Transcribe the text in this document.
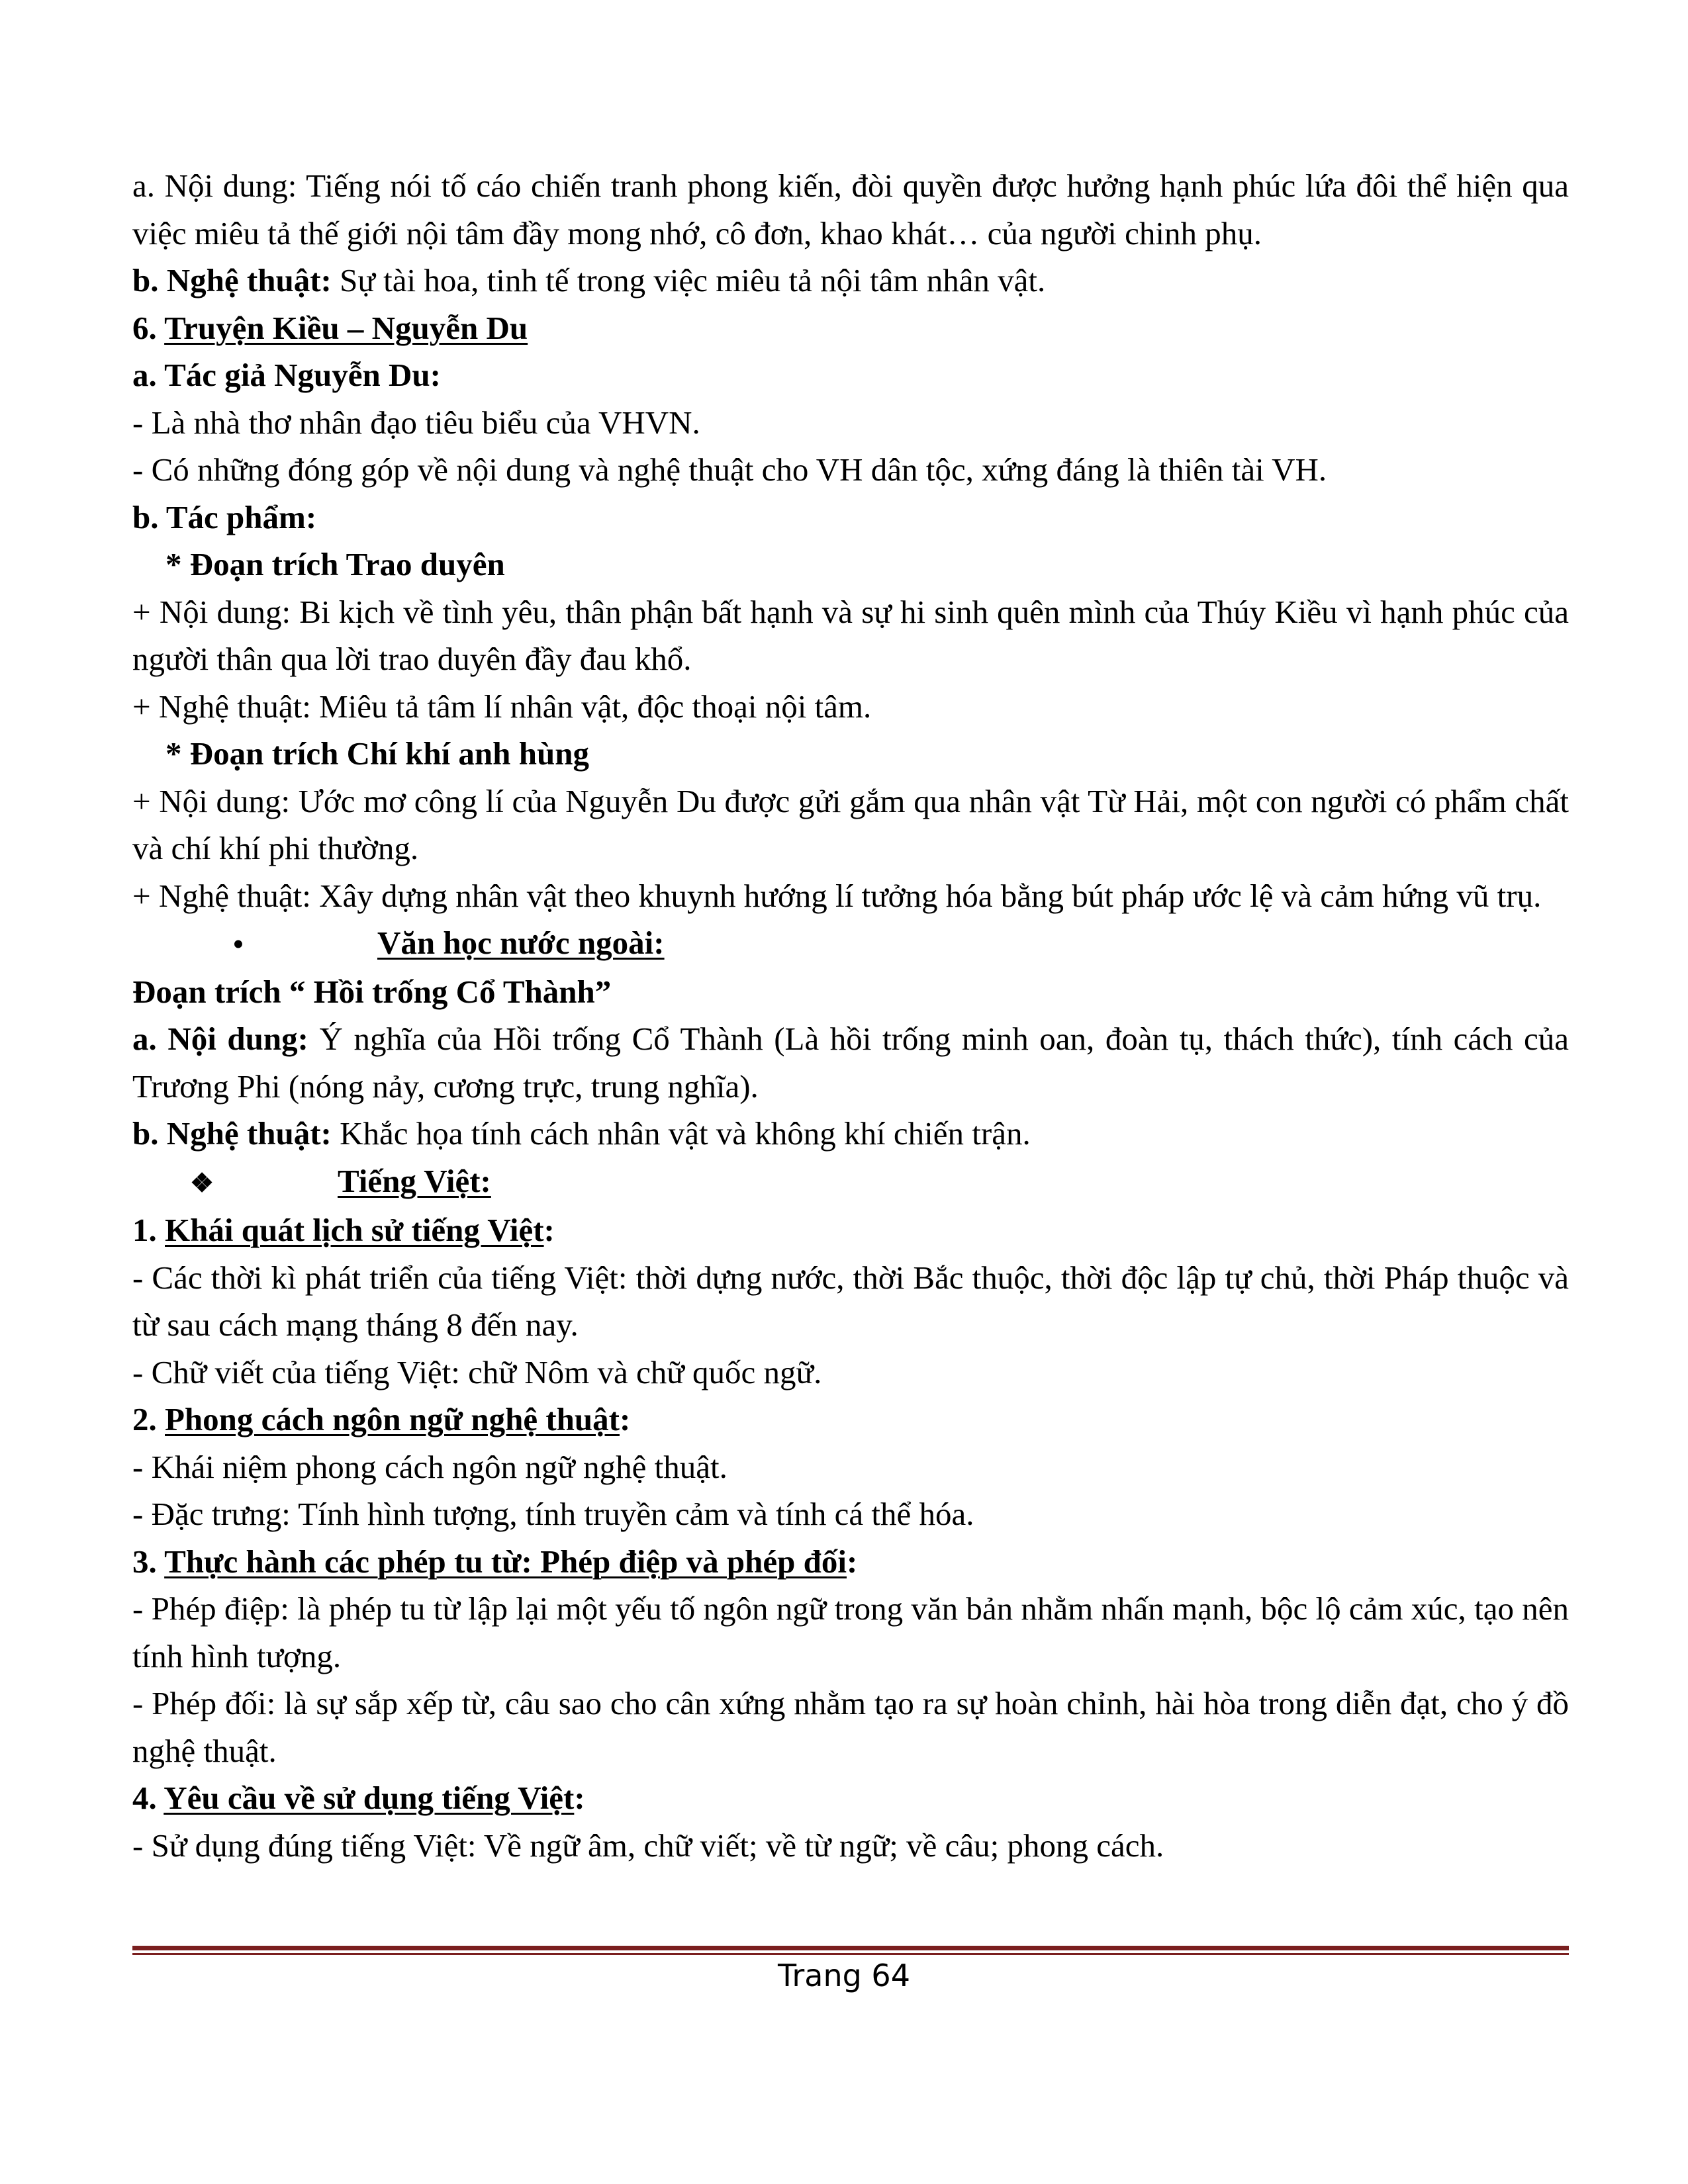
a. Nội dung: Tiếng nói tố cáo chiến tranh phong kiến, đòi quyền được hưởng hạnh phúc lứa đôi thể hiện qua việc miêu tả thế giới nội tâm đầy mong nhớ, cô đơn, khao khát… của người chinh phụ.

b. Nghệ thuật: Sự tài hoa, tinh tế trong việc miêu tả nội tâm nhân vật.

6. Truyện Kiều – Nguyễn Du

a. Tác giả Nguyễn Du:

- Là nhà thơ nhân đạo tiêu biểu của VHVN.

- Có những đóng góp về nội dung và nghệ thuật cho VH dân tộc, xứng đáng là thiên tài VH.

b. Tác phẩm:

* Đoạn trích Trao duyên

+ Nội dung: Bi kịch về tình yêu, thân phận bất hạnh và sự hi sinh quên mình của Thúy Kiều vì hạnh phúc của người thân qua lời trao duyên đầy đau khổ.

+ Nghệ thuật: Miêu tả tâm lí nhân vật, độc thoại nội tâm.

* Đoạn trích Chí khí anh hùng

+ Nội dung: Ước mơ công lí của Nguyễn Du được gửi gắm qua nhân vật Từ Hải, một con người có phẩm chất và chí khí phi thường.

+ Nghệ thuật: Xây dựng nhân vật theo khuynh hướng lí tưởng hóa bằng bút pháp ước lệ và cảm hứng vũ trụ.

•	Văn học nước ngoài:

Đoạn trích “ Hồi trống Cổ Thành”

a. Nội dung: Ý nghĩa của Hồi trống Cổ Thành (Là hồi trống minh oan, đoàn tụ, thách thức), tính cách của Trương Phi (nóng nảy, cương trực, trung nghĩa).

b. Nghệ thuật: Khắc họa tính cách nhân vật và không khí chiến trận.

❖	Tiếng Việt:

1. Khái quát lịch sử tiếng Việt:

- Các thời kì phát triển của tiếng Việt: thời dựng nước, thời Bắc thuộc, thời độc lập tự chủ, thời Pháp thuộc và từ sau cách mạng tháng 8 đến nay.

- Chữ viết của tiếng Việt: chữ Nôm và chữ quốc ngữ.

2. Phong cách ngôn ngữ nghệ thuật:

- Khái niệm phong cách ngôn ngữ nghệ thuật.

- Đặc trưng: Tính hình tượng, tính truyền cảm và tính cá thể hóa.

3. Thực hành các phép tu từ: Phép điệp và phép đối:

- Phép điệp: là phép tu từ lập lại một yếu tố ngôn ngữ trong văn bản nhằm nhấn mạnh, bộc lộ cảm xúc, tạo nên tính hình tượng.

- Phép đối: là sự sắp xếp từ, câu sao cho cân xứng nhằm tạo ra sự hoàn chỉnh, hài hòa trong diễn đạt, cho ý đồ nghệ thuật.

4. Yêu cầu về sử dụng tiếng Việt:

- Sử dụng đúng tiếng Việt: Về ngữ âm, chữ viết; về từ ngữ; về câu; phong cách.

Trang 64
